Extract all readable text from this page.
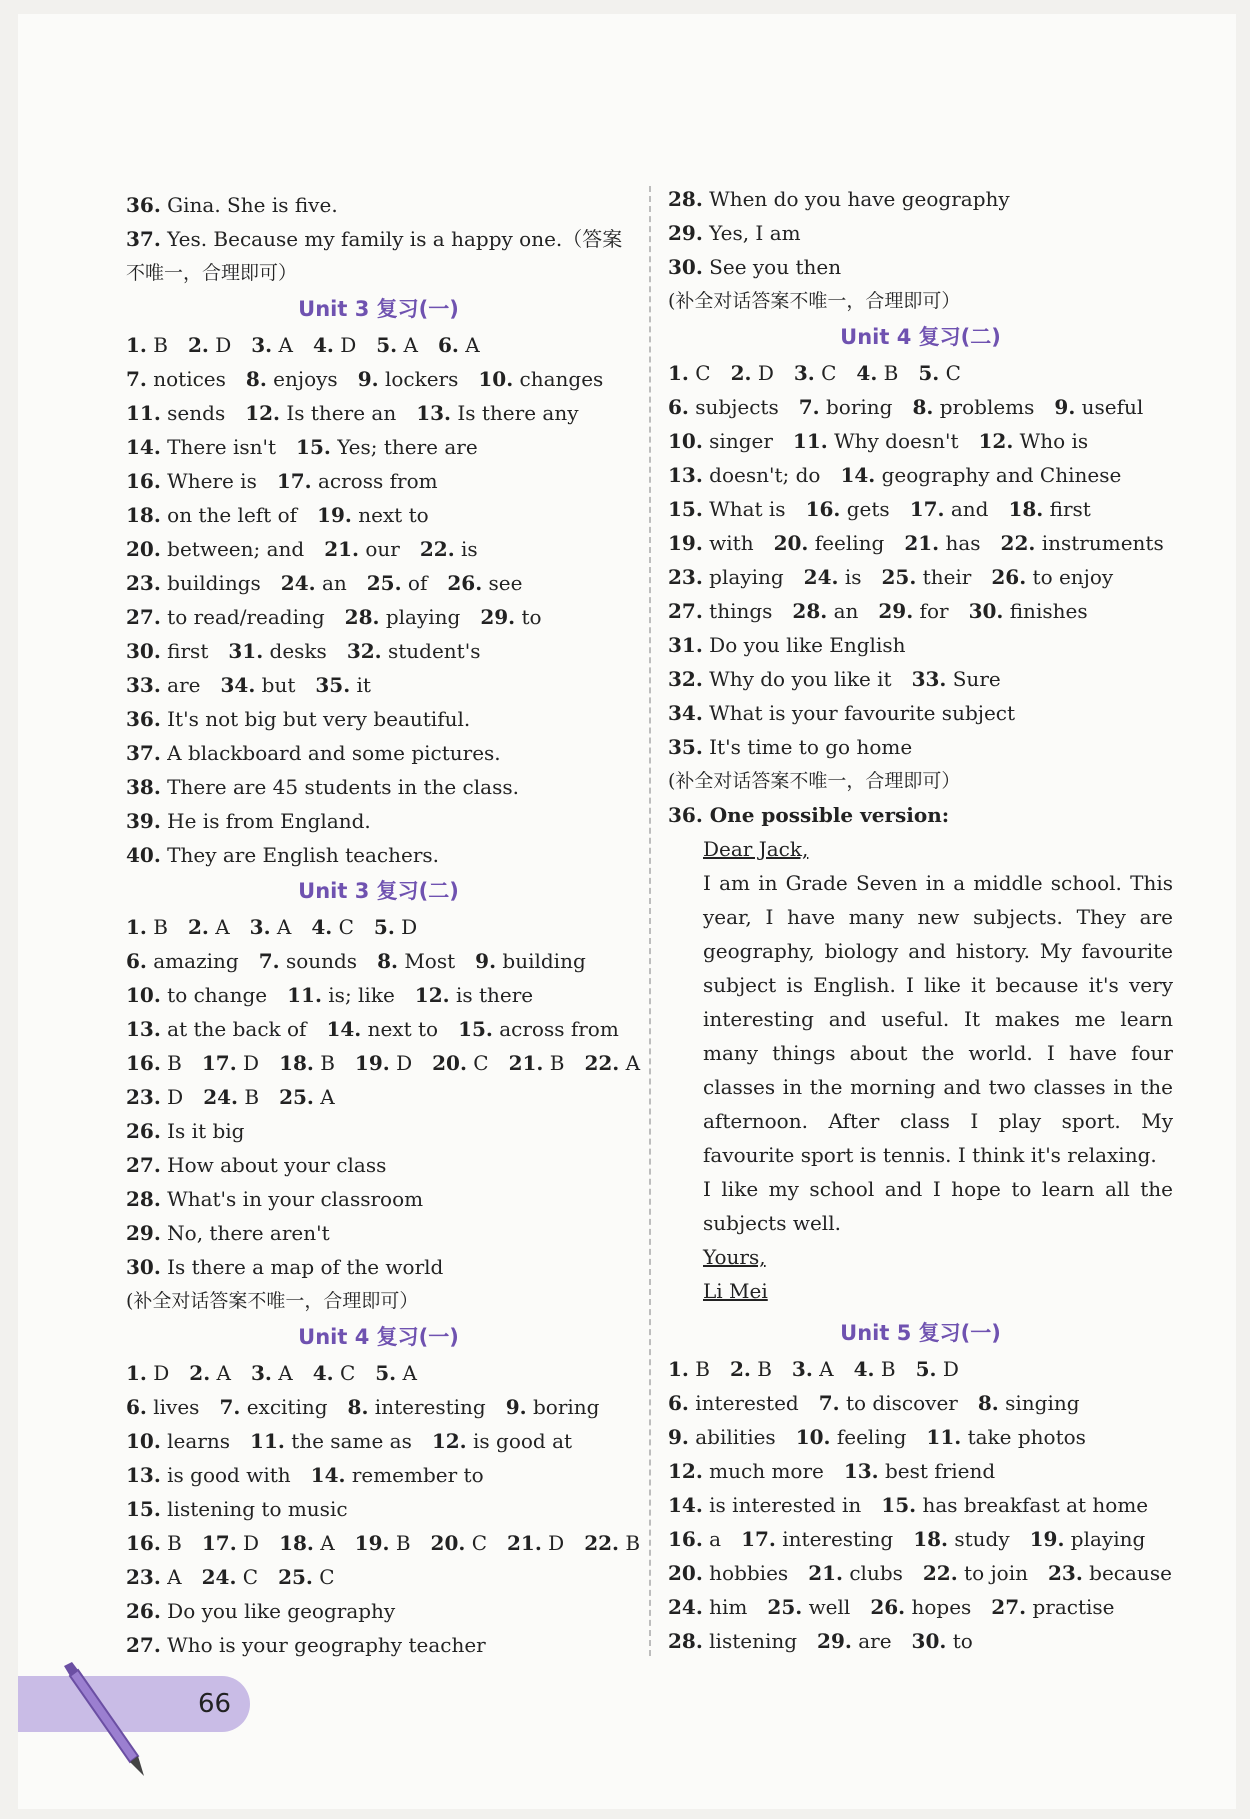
36. Gina. She is five.
37. Yes. Because my family is a happy one.（答案
不唯一，合理即可）
Unit 3 复习(一)
1. B 2. D 3. A 4. D 5. A 6. A
7. notices 8. enjoys 9. lockers 10. changes
11. sends 12. Is there an 13. Is there any
14. There isn't 15. Yes; there are
16. Where is 17. across from
18. on the left of 19. next to
20. between; and 21. our 22. is
23. buildings 24. an 25. of 26. see
27. to read/reading 28. playing 29. to
30. first 31. desks 32. student's
33. are 34. but 35. it
36. It's not big but very beautiful.
37. A blackboard and some pictures.
38. There are 45 students in the class.
39. He is from England.
40. They are English teachers.
Unit 3 复习(二)
1. B 2. A 3. A 4. C 5. D
6. amazing 7. sounds 8. Most 9. building
10. to change 11. is; like 12. is there
13. at the back of 14. next to 15. across from
16. B 17. D 18. B 19. D 20. C 21. B 22. A
23. D 24. B 25. A
26. Is it big
27. How about your class
28. What's in your classroom
29. No, there aren't
30. Is there a map of the world
(补全对话答案不唯一，合理即可）
Unit 4 复习(一)
1. D 2. A 3. A 4. C 5. A
6. lives 7. exciting 8. interesting 9. boring
10. learns 11. the same as 12. is good at
13. is good with 14. remember to
15. listening to music
16. B 17. D 18. A 19. B 20. C 21. D 22. B
23. A 24. C 25. C
26. Do you like geography
27. Who is your geography teacher
28. When do you have geography
29. Yes, I am
30. See you then
(补全对话答案不唯一，合理即可）
Unit 4 复习(二)
1. C 2. D 3. C 4. B 5. C
6. subjects 7. boring 8. problems 9. useful
10. singer 11. Why doesn't 12. Who is
13. doesn't; do 14. geography and Chinese
15. What is 16. gets 17. and 18. first
19. with 20. feeling 21. has 22. instruments
23. playing 24. is 25. their 26. to enjoy
27. things 28. an 29. for 30. finishes
31. Do you like English
32. Why do you like it 33. Sure
34. What is your favourite subject
35. It's time to go home
(补全对话答案不唯一，合理即可）
36. One possible version:
Dear Jack,
I am in Grade Seven in a middle school. This year, I have many new subjects. They are geography, biology and history. My favourite subject is English. I like it because it's very interesting and useful. It makes me learn many things about the world. I have four classes in the morning and two classes in the afternoon. After class I play sport. My favourite sport is tennis. I think it's relaxing.
I like my school and I hope to learn all the subjects well.
Yours,
Li Mei
Unit 5 复习(一)
1. B 2. B 3. A 4. B 5. D
6. interested 7. to discover 8. singing
9. abilities 10. feeling 11. take photos
12. much more 13. best friend
14. is interested in 15. has breakfast at home
16. a 17. interesting 18. study 19. playing
20. hobbies 21. clubs 22. to join 23. because
24. him 25. well 26. hopes 27. practise
28. listening 29. are 30. to
66
